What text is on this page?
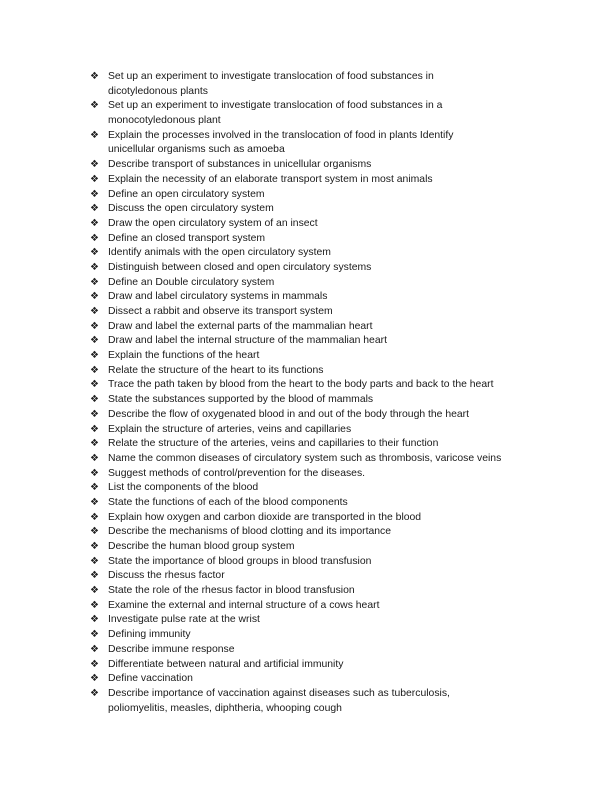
❖ Set up an experiment to investigate translocation of food substances in
dicotyledonous plants
❖ Set up an experiment to investigate translocation of food substances in a
monocotyledonous plant
❖ Explain the processes involved in the translocation of food in plants Identify
unicellular organisms such as amoeba
❖ Describe transport of substances in unicellular organisms
❖ Explain the necessity of an elaborate transport system in most animals
❖ Define an open circulatory system
❖ Discuss the open circulatory system
❖ Draw the open circulatory system of an insect
❖ Define an closed transport system
❖ Identify animals with the open circulatory system
❖ Distinguish between closed and open circulatory systems
❖ Define an Double circulatory system
❖ Draw and label circulatory systems in mammals
❖ Dissect a rabbit and observe its transport system
❖ Draw and label the external parts of the mammalian heart
❖ Draw and label the internal structure of the mammalian heart
❖ Explain the functions of the heart
❖ Relate the structure of the heart to its functions
❖ Trace the path taken by blood from the heart to the body parts and back to the heart
❖ State the substances supported by the blood of mammals
❖ Describe the flow of oxygenated blood in and out of the body through the heart
❖ Explain the structure of arteries, veins and capillaries
❖ Relate the structure of the arteries, veins and capillaries to their function
❖ Name the common diseases of circulatory system such as thrombosis, varicose veins
❖ Suggest methods of control/prevention for the diseases.
❖ List the components of the blood
❖ State the functions of each of the blood components
❖ Explain how oxygen and carbon dioxide are transported in the blood
❖ Describe the mechanisms of blood clotting and its importance
❖ Describe the human blood group system
❖ State the importance of blood groups in blood transfusion
❖ Discuss the rhesus factor
❖ State the role of the rhesus factor in blood transfusion
❖ Examine the external and internal structure of a cows heart
❖ Investigate pulse rate at the wrist
❖ Defining immunity
❖ Describe immune response
❖ Differentiate between natural and artificial immunity
❖ Define vaccination
❖ Describe importance of vaccination against diseases such as tuberculosis,
poliomyelitis, measles, diphtheria, whooping cough
